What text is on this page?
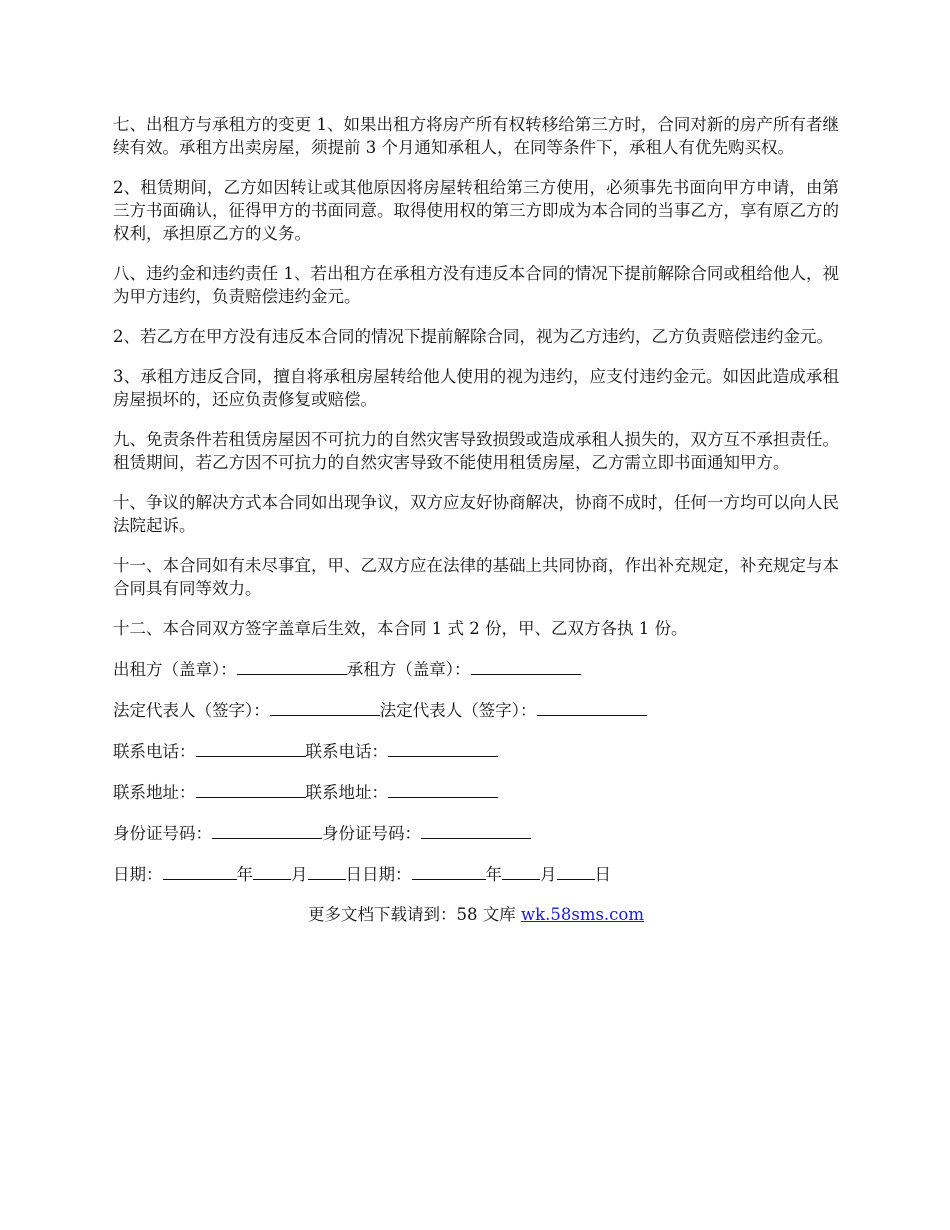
七、出租方与承租方的变更 1、如果出租方将房产所有权转移给第三方时，合同对新的房产所有者继续有效。承租方出卖房屋，须提前 3 个月通知承租人，在同等条件下，承租人有优先购买权。

2、租赁期间，乙方如因转让或其他原因将房屋转租给第三方使用，必须事先书面向甲方申请，由第三方书面确认，征得甲方的书面同意。取得使用权的第三方即成为本合同的当事乙方，享有原乙方的权利，承担原乙方的义务。

八、违约金和违约责任 1、若出租方在承租方没有违反本合同的情况下提前解除合同或租给他人，视为甲方违约，负责赔偿违约金元。

2、若乙方在甲方没有违反本合同的情况下提前解除合同，视为乙方违约，乙方负责赔偿违约金元。

3、承租方违反合同，擅自将承租房屋转给他人使用的视为违约，应支付违约金元。如因此造成承租房屋损坏的，还应负责修复或赔偿。

九、免责条件若租赁房屋因不可抗力的自然灾害导致损毁或造成承租人损失的，双方互不承担责任。租赁期间，若乙方因不可抗力的自然灾害导致不能使用租赁房屋，乙方需立即书面通知甲方。

十、争议的解决方式本合同如出现争议，双方应友好协商解决，协商不成时，任何一方均可以向人民法院起诉。

十一、本合同如有未尽事宜，甲、乙双方应在法律的基础上共同协商，作出补充规定，补充规定与本合同具有同等效力。

十二、本合同双方签字盖章后生效，本合同 1 式 2 份，甲、乙双方各执 1 份。

出租方（盖章）：	承租方（盖章）：
法定代表人（签字）：	法定代表人（签字）：
联系电话：	联系电话：
联系地址：	联系地址：
身份证号码：	身份证号码：
日期：	年 月 日日期：	年 月 日
更多文档下载请到：58 文库 wk.58sms.com
